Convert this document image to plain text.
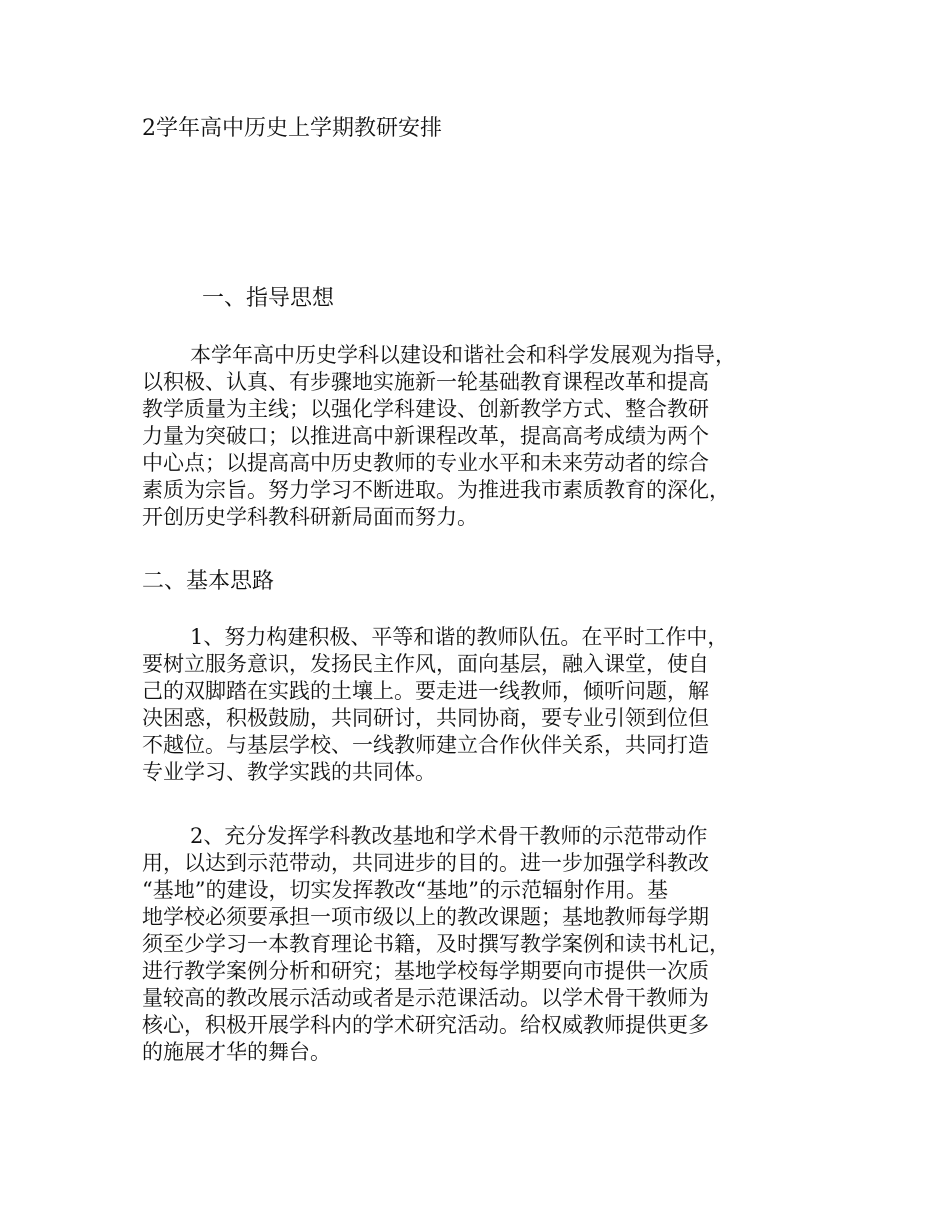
2学年高中历史上学期教研安排
一、指导思想
本学年高中历史学科以建设和谐社会和科学发展观为指导，
以积极、认真、有步骤地实施新一轮基础教育课程改革和提高
教学质量为主线；以强化学科建设、创新教学方式、整合教研
力量为突破口；以推进高中新课程改革，提高高考成绩为两个
中心点；以提高高中历史教师的专业水平和未来劳动者的综合
素质为宗旨。努力学习不断进取。为推进我市素质教育的深化，
开创历史学科教科研新局面而努力。
二、基本思路
1、努力构建积极、平等和谐的教师队伍。在平时工作中，
要树立服务意识，发扬民主作风，面向基层，融入课堂，使自
己的双脚踏在实践的土壤上。要走进一线教师，倾听问题，解
决困惑，积极鼓励，共同研讨，共同协商，要专业引领到位但
不越位。与基层学校、一线教师建立合作伙伴关系，共同打造
专业学习、教学实践的共同体。
2、充分发挥学科教改基地和学术骨干教师的示范带动作
用，以达到示范带动，共同进步的目的。进一步加强学科教改
“基地”的建设，切实发挥教改“基地”的示范辐射作用。基
地学校必须要承担一项市级以上的教改课题；基地教师每学期
须至少学习一本教育理论书籍，及时撰写教学案例和读书札记，
进行教学案例分析和研究；基地学校每学期要向市提供一次质
量较高的教改展示活动或者是示范课活动。以学术骨干教师为
核心，积极开展学科内的学术研究活动。给权威教师提供更多
的施展才华的舞台。
